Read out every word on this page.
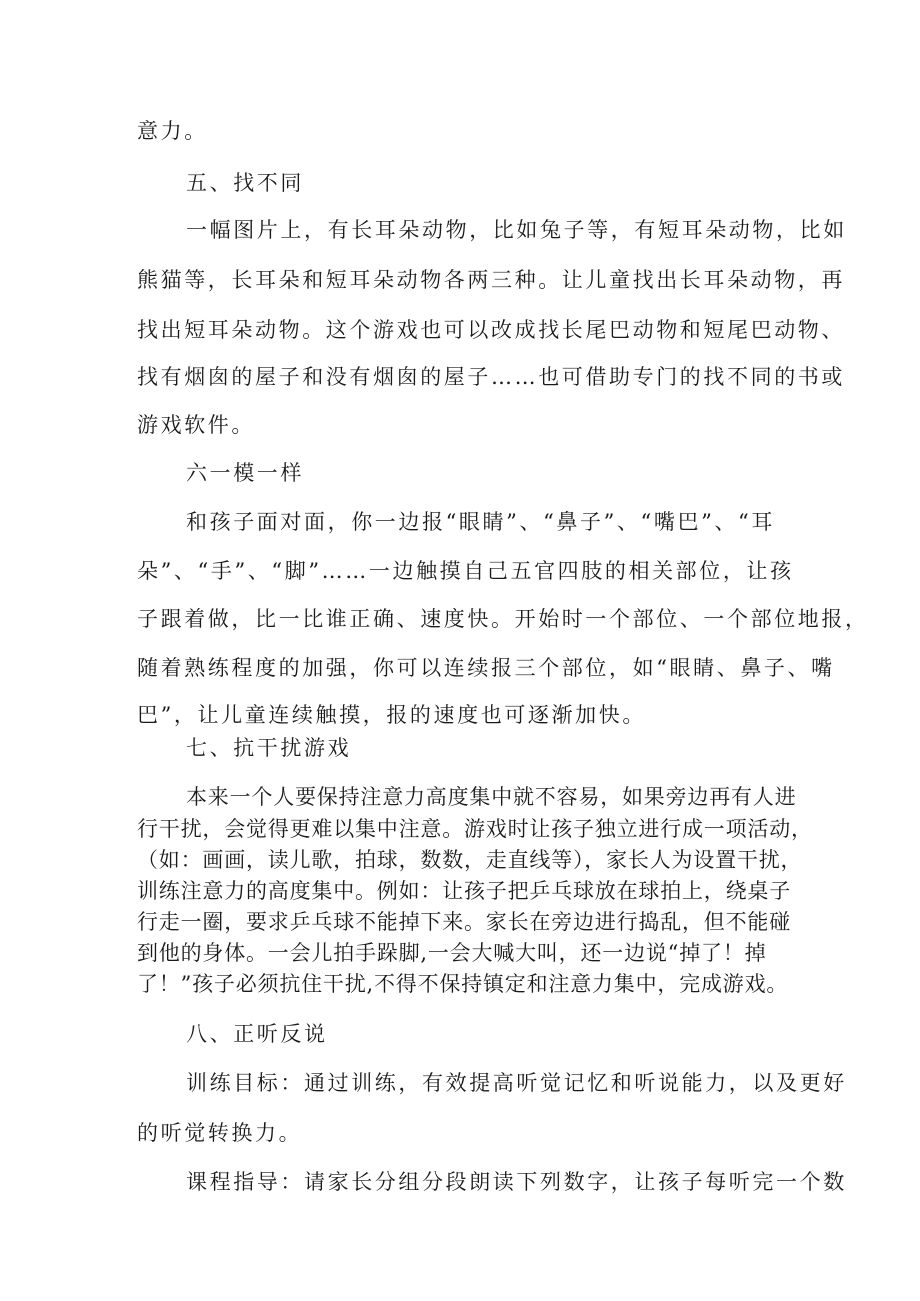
意力。

五、找不同

一幅图片上，有长耳朵动物，比如兔子等，有短耳朵动物，比如

熊猫等，长耳朵和短耳朵动物各两三种。让儿童找出长耳朵动物，再

找出短耳朵动物。这个游戏也可以改成找长尾巴动物和短尾巴动物、

找有烟囱的屋子和没有烟囱的屋子……也可借助专门的找不同的书或

游戏软件。

六一模一样

和孩子面对面，你一边报“眼睛”、“鼻子”、“嘴巴”、“耳

朵”、“手”、“脚”……一边触摸自己五官四肢的相关部位，让孩

子跟着做，比一比谁正确、速度快。开始时一个部位、一个部位地报，

随着熟练程度的加强，你可以连续报三个部位，如“眼睛、鼻子、嘴

巴”，让儿童连续触摸，报的速度也可逐渐加快。

七、抗干扰游戏

本来一个人要保持注意力高度集中就不容易，如果旁边再有人进

行干扰，会觉得更难以集中注意。游戏时让孩子独立进行成一项活动，

（如：画画，读儿歌，拍球，数数，走直线等），家长人为设置干扰，

训练注意力的高度集中。例如：让孩子把乒乓球放在球拍上，绕桌子

行走一圈，要求乒乓球不能掉下来。家长在旁边进行捣乱，但不能碰

到他的身体。一会儿拍手跺脚,一会大喊大叫，还一边说“掉了！掉

了！”孩子必须抗住干扰,不得不保持镇定和注意力集中，完成游戏。

八、正听反说

训练目标：通过训练，有效提高听觉记忆和听说能力，以及更好

的听觉转换力。

课程指导：请家长分组分段朗读下列数字，让孩子每听完一个数
